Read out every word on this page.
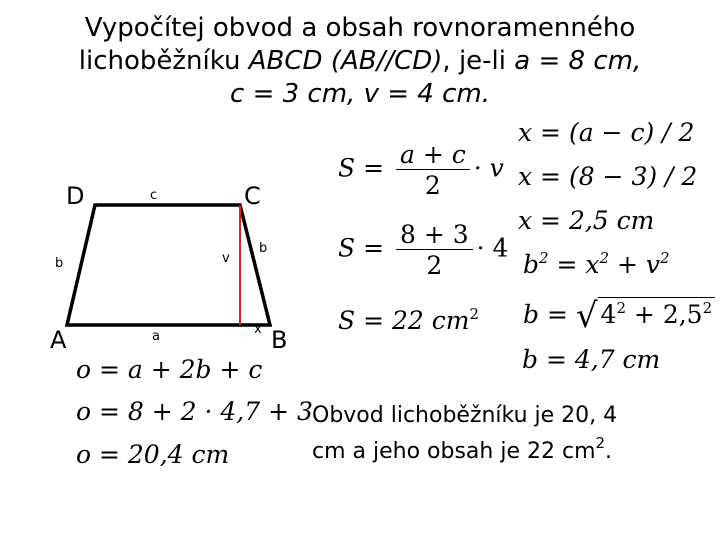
Vypočítej obvod a obsah rovnoramenného
lichoběžníku ABCD (AB//CD), je-li a = 8 cm,
c = 3 cm, v = 4 cm.
D	C
A	B
c
a
b
b
v
x
$S = \frac{a + c}{2} \cdot v$
$S = \frac{8 + 3}{2} \cdot 4$
S = 22 $cm^2$
x = (a − c) / 2
x = (8 − 3) / 2
x = 2,5 cm
$b^2 = x^2 + v^2$
b = √ $4^2 + 2,5^2$
b = 4,7 cm
o = a + 2b + c
o = 8 + 2 · 4,7 + 3
o = 20,4 cm
Obvod lichoběžníku je 20, 4
cm a jeho obsah je 22 $cm^2$.
